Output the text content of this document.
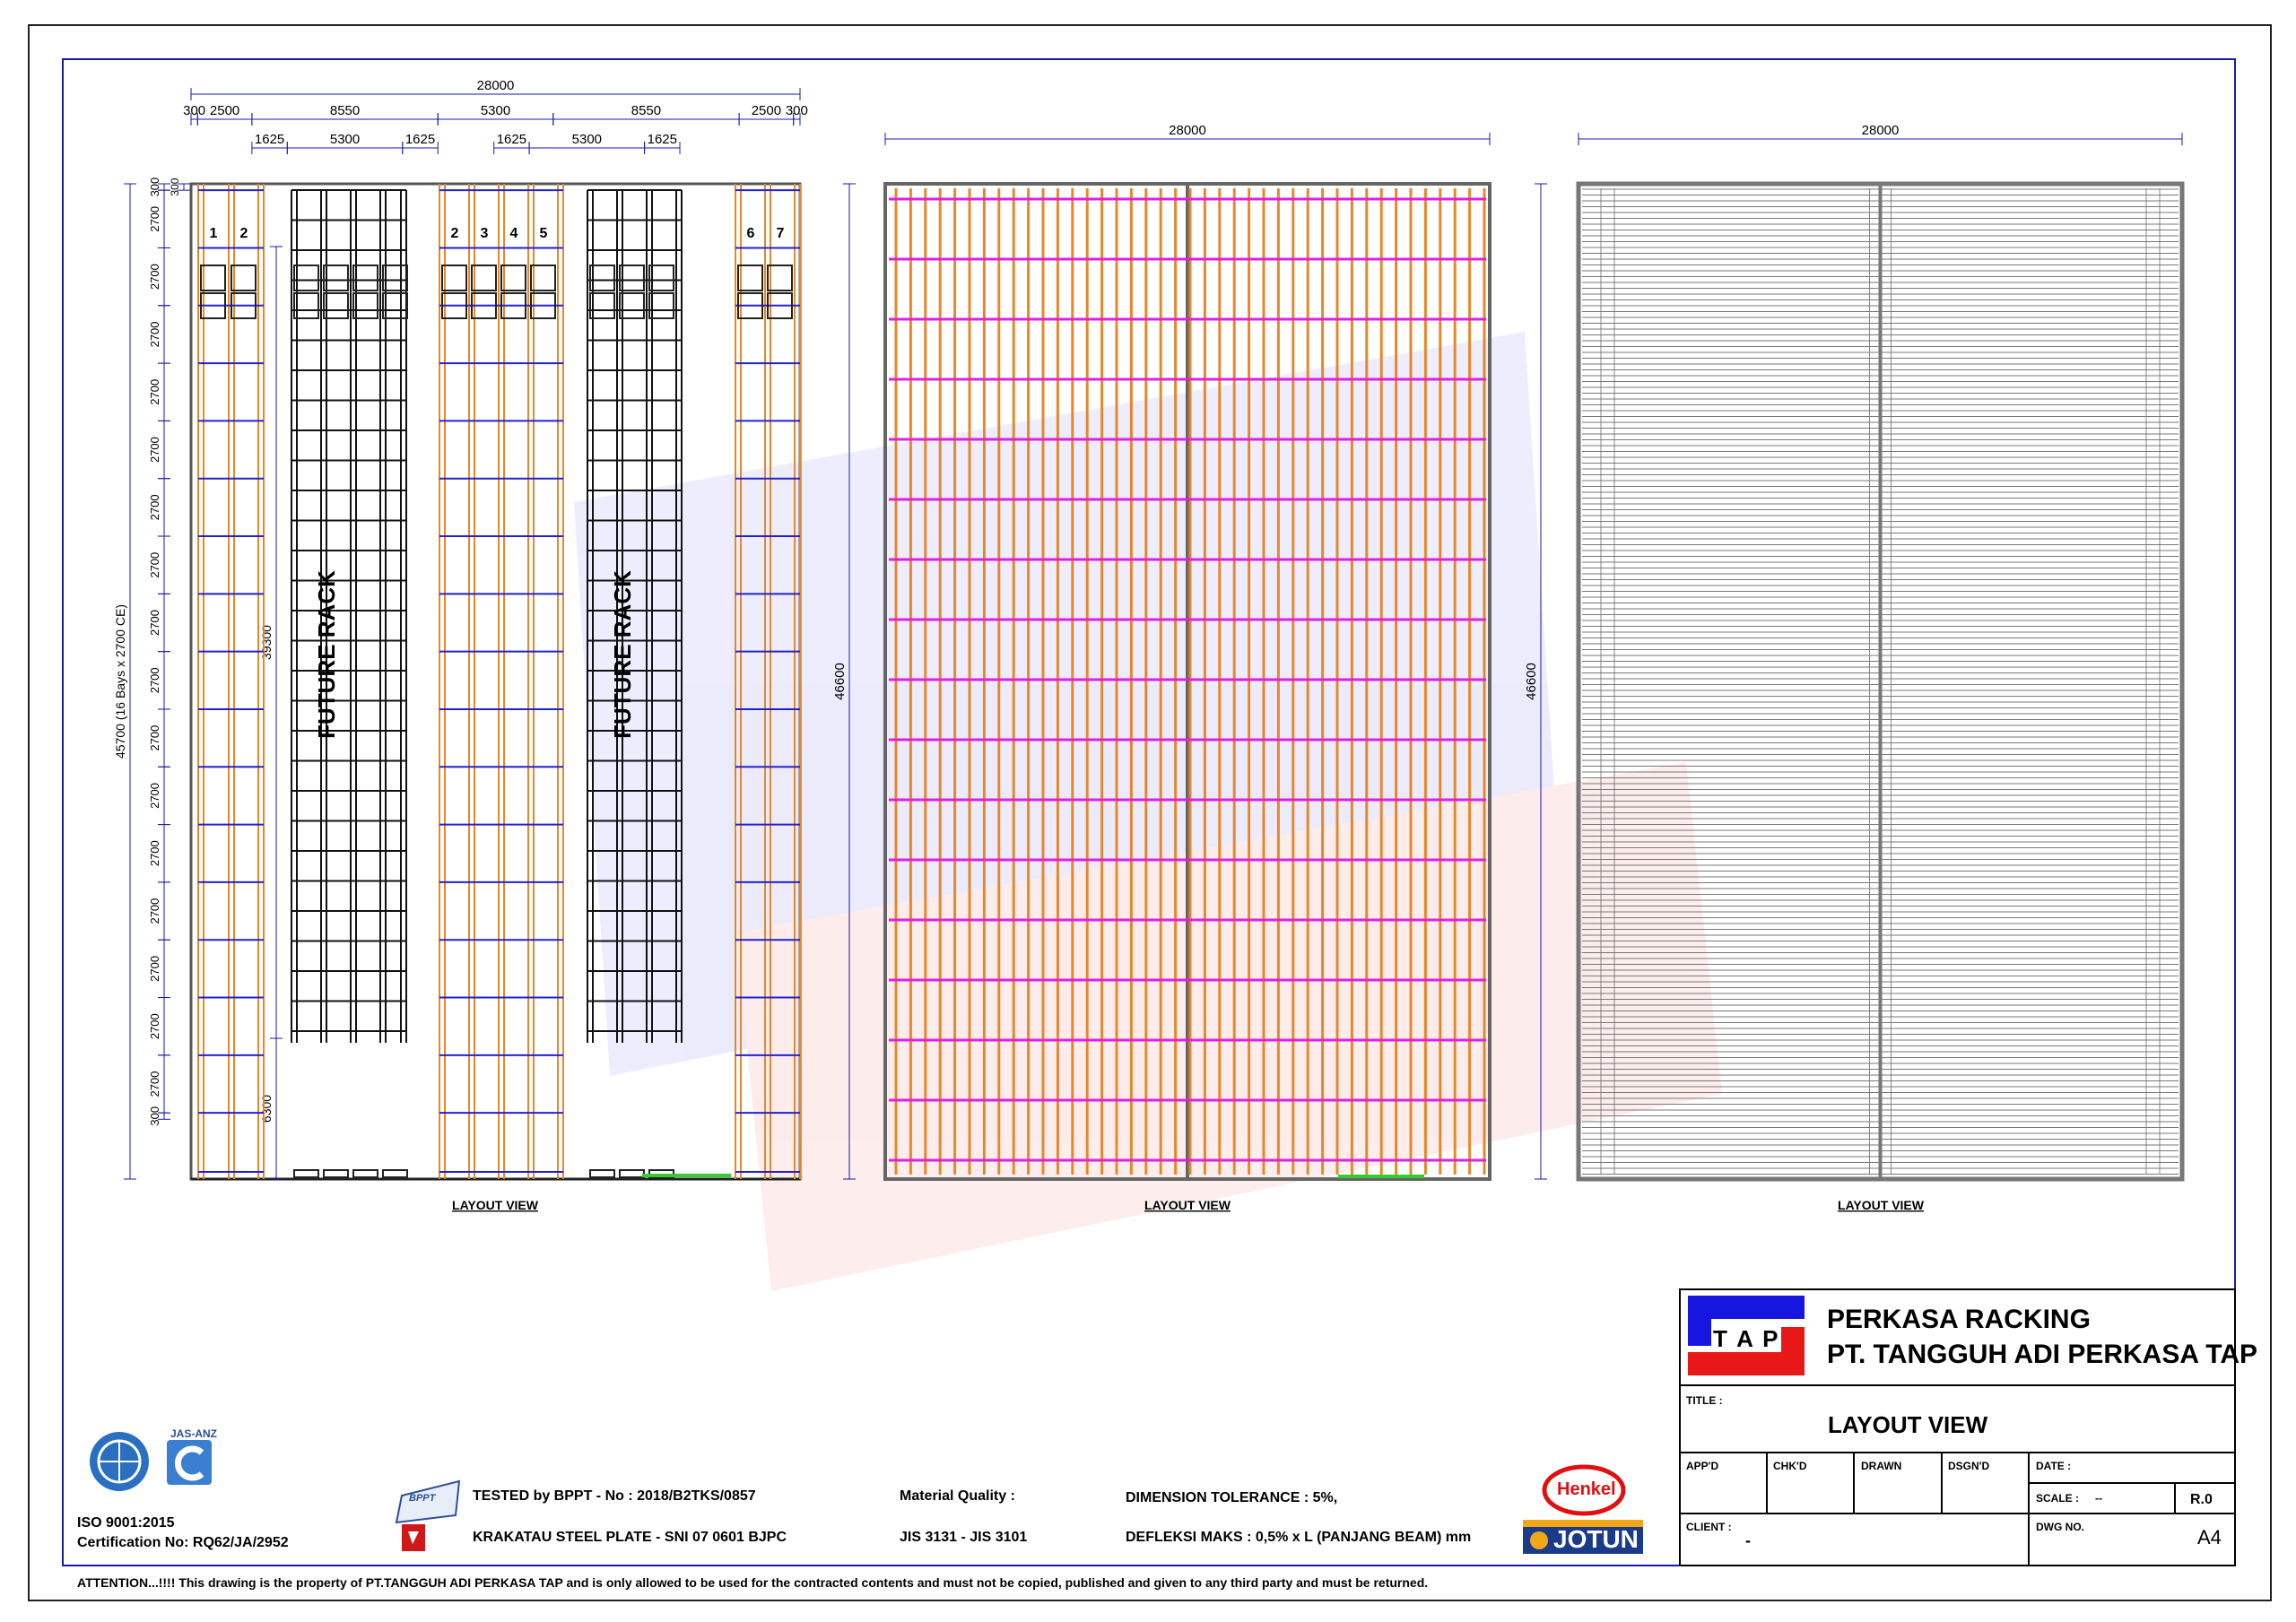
28000
300 2500	8550	5300	8550	2500 300
1625	5300	1625	1625	5300	1625
45700 (16 Bays x 2700 CE)
300
2700
2700
2700
2700
2700
2700
2700
2700
2700
2700
2700
2700
2700
2700
2700
2700
300
300
39300
6300
1 2	2 3 4 5	6 7
FUTURE RACK	FUTURE RACK
LAYOUT VIEW
28000
46600
LAYOUT VIEW
28000
46600
LAYOUT VIEW
JAS-ANZ
ISO 9001:2015
Certification No: RQ62/JA/2952
BPPT	TESTED by BPPT - No : 2018/B2TKS/0857
KRAKATAU STEEL PLATE - SNI 07 0601 BJPC
Material Quality :
JIS 3131 - JIS 3101
DIMENSION TOLERANCE : 5%,
DEFLEKSI MAKS : 0,5% x L (PANJANG BEAM) mm
Henkel
JOTUN
T A P
PERKASA RACKING
PT. TANGGUH ADI PERKASA TAP
TITLE :
LAYOUT VIEW
APP'D	CHK'D	DRAWN	DSGN'D	DATE :
SCALE : --	R.0
CLIENT :
-
DWG NO.	A4
ATTENTION...!!!! This drawing is the property of PT.TANGGUH ADI PERKASA TAP and is only allowed to be used for the contracted contents and must not be copied, published and given to any third party and must be returned.
